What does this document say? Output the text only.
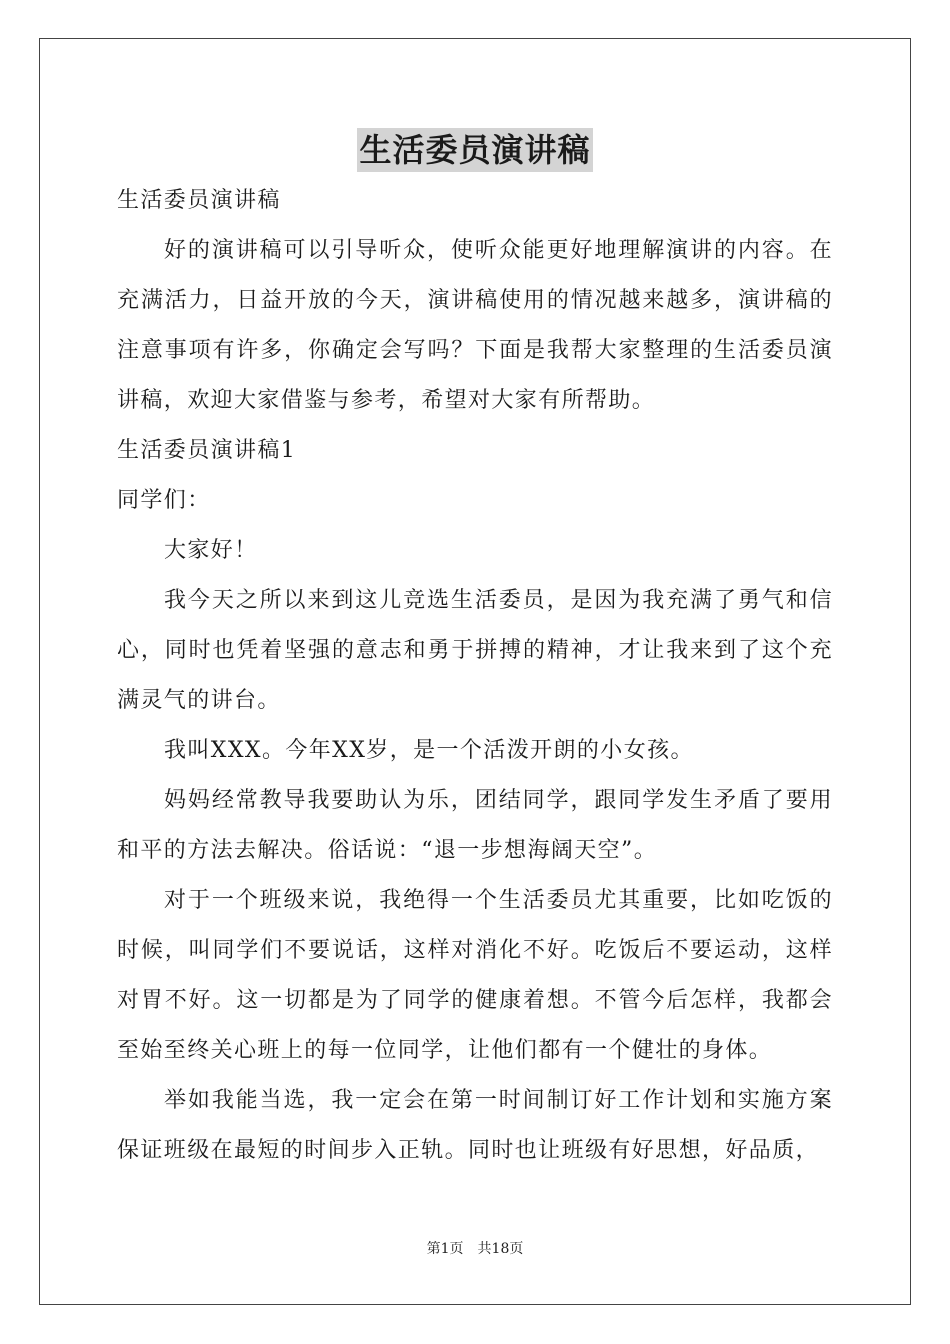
生活委员演讲稿

生活委员演讲稿

好的演讲稿可以引导听众，使听众能更好地理解演讲的内容。在充满活力，日益开放的今天，演讲稿使用的情况越来越多，演讲稿的注意事项有许多，你确定会写吗？下面是我帮大家整理的生活委员演讲稿，欢迎大家借鉴与参考，希望对大家有所帮助。

生活委员演讲稿1

同学们：

大家好！

我今天之所以来到这儿竞选生活委员，是因为我充满了勇气和信心，同时也凭着坚强的意志和勇于拼搏的精神，才让我来到了这个充满灵气的讲台。

我叫XXX。今年XX岁，是一个活泼开朗的小女孩。

妈妈经常教导我要助认为乐，团结同学，跟同学发生矛盾了要用和平的方法去解决。俗话说：“退一步想海阔天空”。

对于一个班级来说，我绝得一个生活委员尤其重要，比如吃饭的时候，叫同学们不要说话，这样对消化不好。吃饭后不要运动，这样对胃不好。这一切都是为了同学的健康着想。不管今后怎样，我都会至始至终关心班上的每一位同学，让他们都有一个健壮的身体。

举如我能当选，我一定会在第一时间制订好工作计划和实施方案保证班级在最短的时间步入正轨。同时也让班级有好思想，好品质，

第1页 共18页
